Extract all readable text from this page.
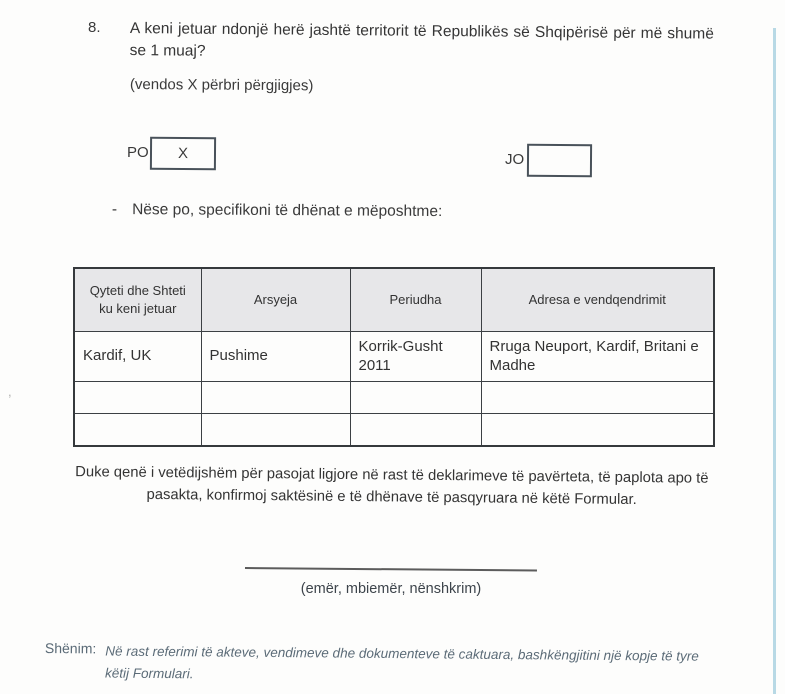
8. A keni jetuar ndonjë herë jashtë territorit të Republikës së Shqipërisë për më shumë se 1 muaj?
(vendos X përbri përgjigjes)
PO	X	JO
- Nëse po, specifikoni të dhënat e mëposhtme:
Qyteti dhe Shteti ku keni jetuar	Arsyeja	Periudha	Adresa e vendqendrimit
Kardif, UK	Pushime	Korrik-Gusht 2011	Rruga Neuport, Kardif, Britani e Madhe

Duke qenë i vetëdijshëm për pasojat ligjore në rast të deklarimeve të pavërteta, të paplota apo të pasakta, konfirmoj saktësinë e të dhënave të pasqyruara në këtë Formular.
(emër, mbiemër, nënshkrim)
Shënim: Në rast referimi të akteve, vendimeve dhe dokumenteve të caktuara, bashkëngjitini një kopje të tyre këtij Formulari.
,
